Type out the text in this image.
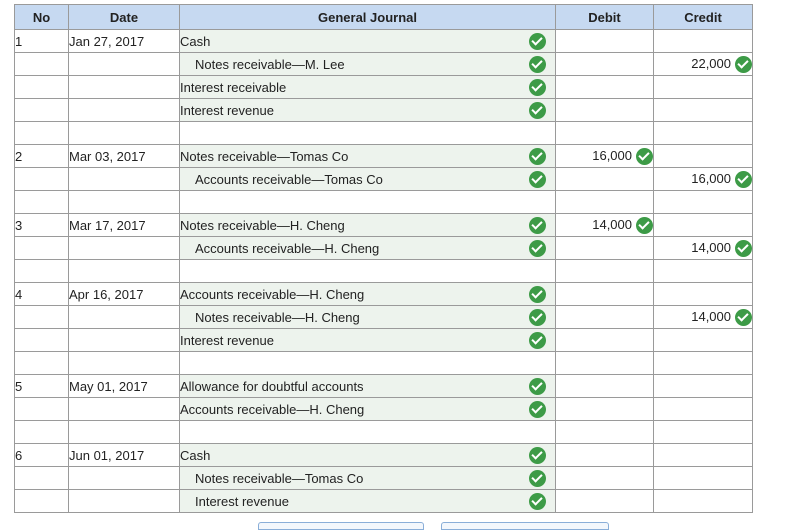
No	Date	General Journal	Debit	Credit
1	Jan 27, 2017	Cash		
		Notes receivable—M. Lee		22,000
		Interest receivable		
		Interest revenue		

2	Mar 03, 2017	Notes receivable—Tomas Co	16,000	
		Accounts receivable—Tomas Co		16,000

3	Mar 17, 2017	Notes receivable—H. Cheng	14,000	
		Accounts receivable—H. Cheng		14,000

4	Apr 16, 2017	Accounts receivable—H. Cheng		
		Notes receivable—H. Cheng		14,000
		Interest revenue		

5	May 01, 2017	Allowance for doubtful accounts		
		Accounts receivable—H. Cheng		

6	Jun 01, 2017	Cash		
		Notes receivable—Tomas Co		
		Interest revenue		
